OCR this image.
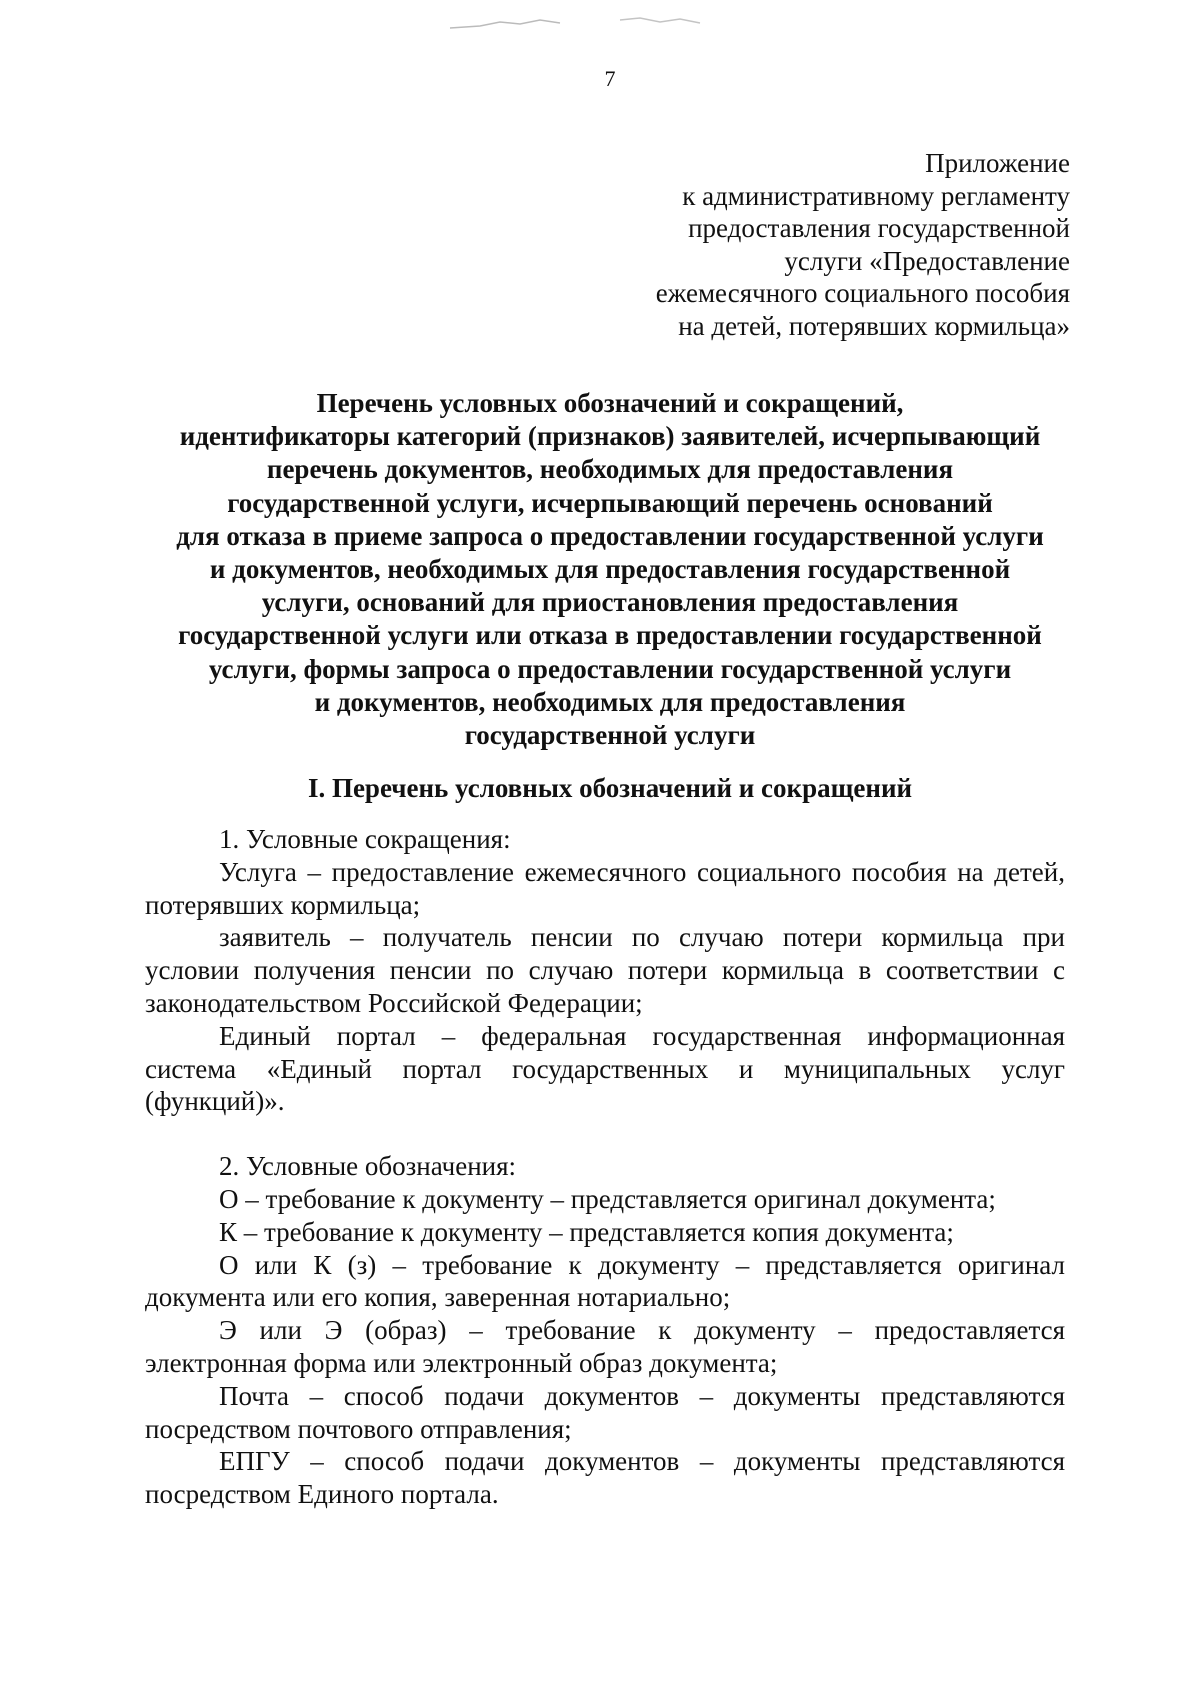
7
Приложение
к административному регламенту
предоставления государственной
услуги «Предоставление
ежемесячного социального пособия
на детей, потерявших кормильца»
Перечень условных обозначений и сокращений,
идентификаторы категорий (признаков) заявителей, исчерпывающий
перечень документов, необходимых для предоставления
государственной услуги, исчерпывающий перечень оснований
для отказа в приеме запроса о предоставлении государственной услуги
и документов, необходимых для предоставления государственной
услуги, оснований для приостановления предоставления
государственной услуги или отказа в предоставлении государственной
услуги, формы запроса о предоставлении государственной услуги
и документов, необходимых для предоставления
государственной услуги
I. Перечень условных обозначений и сокращений

1. Условные сокращения:

Услуга – предоставление ежемесячного социального пособия на детей, потерявших кормильца;

заявитель – получатель пенсии по случаю потери кормильца при условии получения пенсии по случаю потери кормильца в соответствии с законодательством Российской Федерации;

Единый портал – федеральная государственная информационная система «Единый портал государственных и муниципальных услуг (функций)».

2. Условные обозначения:

О – требование к документу – представляется оригинал документа;

К – требование к документу – представляется копия документа;

О или К (з) – требование к документу – представляется оригинал документа или его копия, заверенная нотариально;

Э или Э (образ) – требование к документу – предоставляется электронная форма или электронный образ документа;

Почта – способ подачи документов – документы представляются посредством почтового отправления;

ЕПГУ – способ подачи документов – документы представляются посредством Единого портала.
